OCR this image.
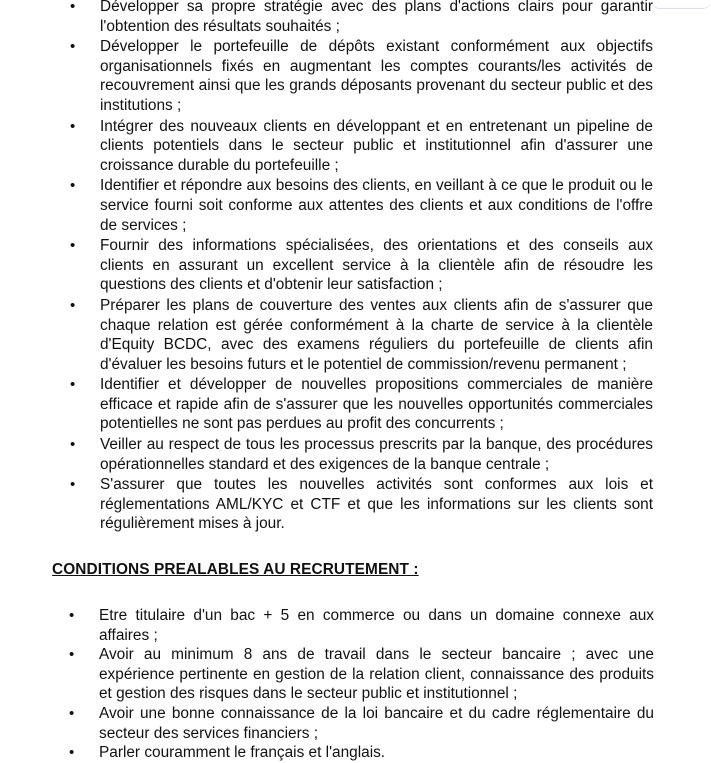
• Développer sa propre stratégie avec des plans d'actions clairs pour garantir l'obtention des résultats souhaités ;
• Développer le portefeuille de dépôts existant conformément aux objectifs organisationnels fixés en augmentant les comptes courants/les activités de recouvrement ainsi que les grands déposants provenant du secteur public et des institutions ;
• Intégrer des nouveaux clients en développant et en entretenant un pipeline de clients potentiels dans le secteur public et institutionnel afin d'assurer une croissance durable du portefeuille ;
• Identifier et répondre aux besoins des clients, en veillant à ce que le produit ou le service fourni soit conforme aux attentes des clients et aux conditions de l'offre de services ;
• Fournir des informations spécialisées, des orientations et des conseils aux clients en assurant un excellent service à la clientèle afin de résoudre les questions des clients et d'obtenir leur satisfaction ;
• Préparer les plans de couverture des ventes aux clients afin de s'assurer que chaque relation est gérée conformément à la charte de service à la clientèle d'Equity BCDC, avec des examens réguliers du portefeuille de clients afin d'évaluer les besoins futurs et le potentiel de commission/revenu permanent ;
• Identifier et développer de nouvelles propositions commerciales de manière efficace et rapide afin de s'assurer que les nouvelles opportunités commerciales potentielles ne sont pas perdues au profit des concurrents ;
• Veiller au respect de tous les processus prescrits par la banque, des procédures opérationnelles standard et des exigences de la banque centrale ;
• S'assurer que toutes les nouvelles activités sont conformes aux lois et réglementations AML/KYC et CTF et que les informations sur les clients sont régulièrement mises à jour.
CONDITIONS PREALABLES AU RECRUTEMENT :
• Etre titulaire d'un bac + 5 en commerce ou dans un domaine connexe aux affaires ;
• Avoir au minimum 8 ans de travail dans le secteur bancaire ; avec une expérience pertinente en gestion de la relation client, connaissance des produits et gestion des risques dans le secteur public et institutionnel ;
• Avoir une bonne connaissance de la loi bancaire et du cadre réglementaire du secteur des services financiers ;
• Parler couramment le français et l'anglais.
